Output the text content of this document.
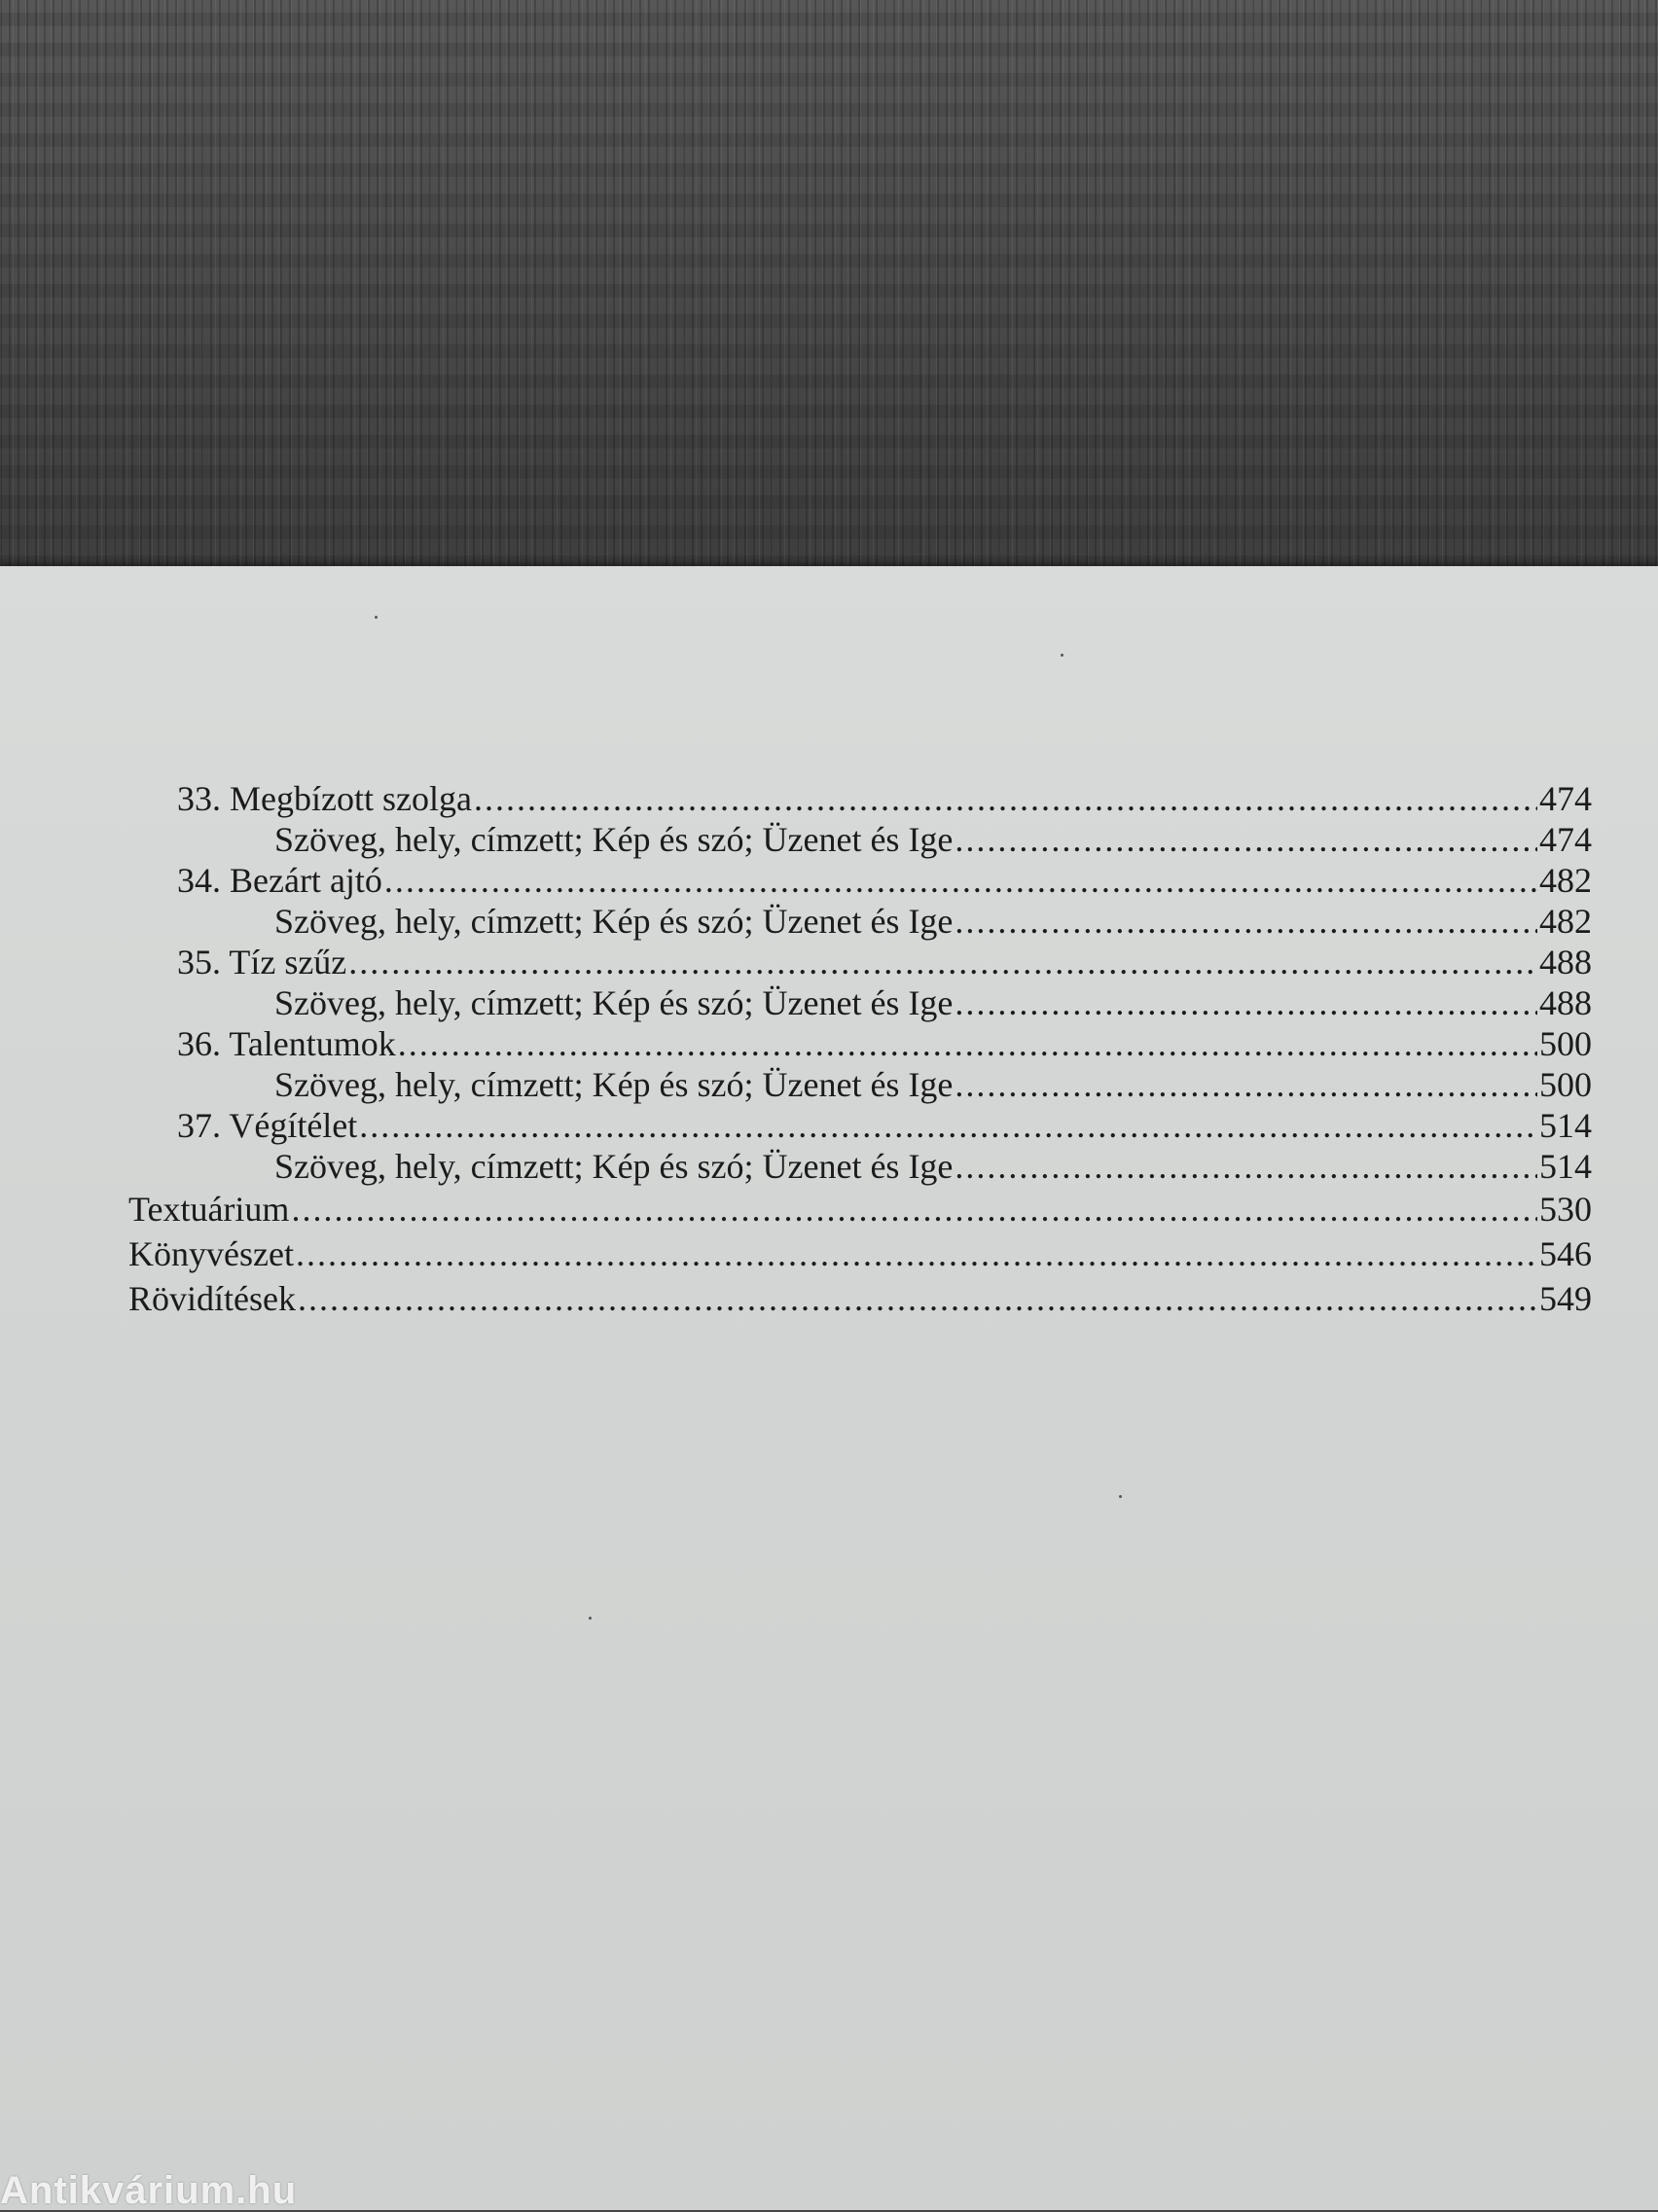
33. Megbízott szolga .....	474
Szöveg, hely, címzett; Kép és szó; Üzenet és Ige .....	474
34. Bezárt ajtó .....	482
Szöveg, hely, címzett; Kép és szó; Üzenet és Ige .....	482
35. Tíz szűz .....	488
Szöveg, hely, címzett; Kép és szó; Üzenet és Ige .....	488
36. Talentumok .....	500
Szöveg, hely, címzett; Kép és szó; Üzenet és Ige .....	500
37. Végítélet .....	514
Szöveg, hely, címzett; Kép és szó; Üzenet és Ige .....	514
Textuárium .....	530
Könyvészet .....	546
Rövidítések .....	549
Antikvárium.hu
